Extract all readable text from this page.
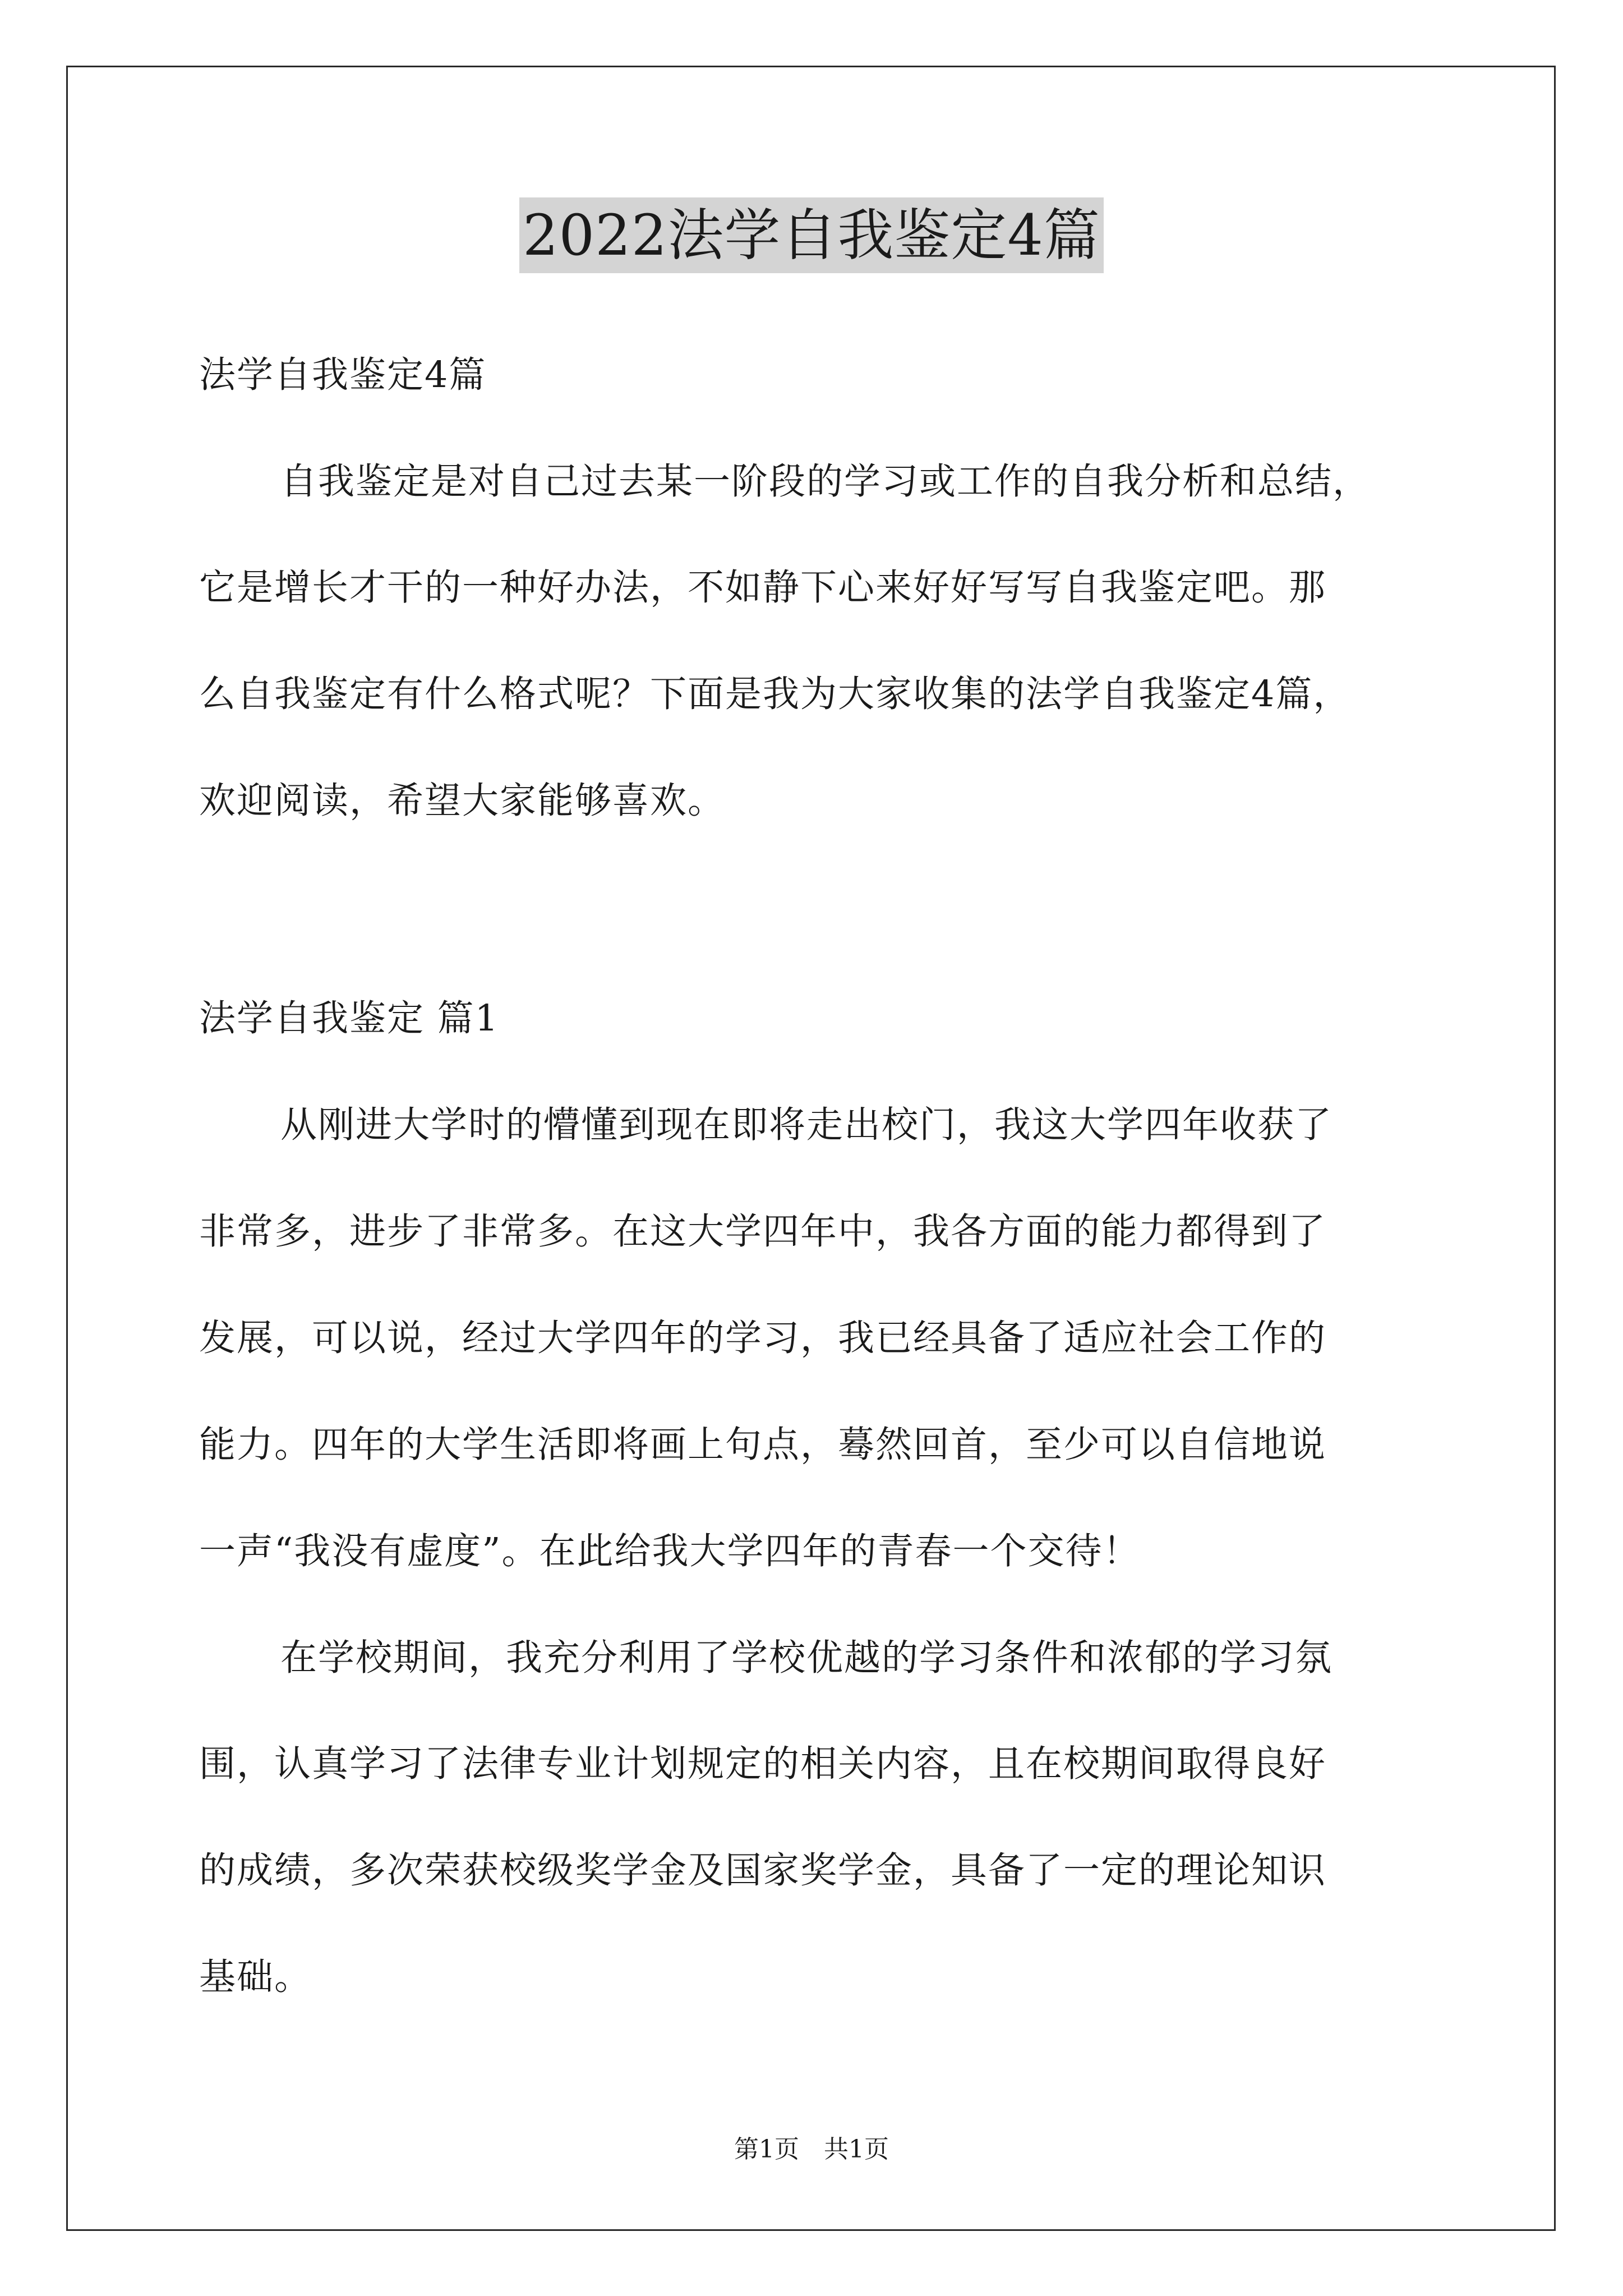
2022法学自我鉴定4篇
法学自我鉴定4篇
自我鉴定是对自己过去某一阶段的学习或工作的自我分析和总结，
它是增长才干的一种好办法，不如静下心来好好写写自我鉴定吧。那
么自我鉴定有什么格式呢？下面是我为大家收集的法学自我鉴定4篇，
欢迎阅读，希望大家能够喜欢。
法学自我鉴定 篇1
从刚进大学时的懵懂到现在即将走出校门，我这大学四年收获了
非常多，进步了非常多。在这大学四年中，我各方面的能力都得到了
发展，可以说，经过大学四年的学习，我已经具备了适应社会工作的
能力。四年的大学生活即将画上句点，蓦然回首，至少可以自信地说
一声“我没有虚度”。在此给我大学四年的青春一个交待！
在学校期间，我充分利用了学校优越的学习条件和浓郁的学习氛
围，认真学习了法律专业计划规定的相关内容，且在校期间取得良好
的成绩，多次荣获校级奖学金及国家奖学金，具备了一定的理论知识
基础。
第1页　共1页
